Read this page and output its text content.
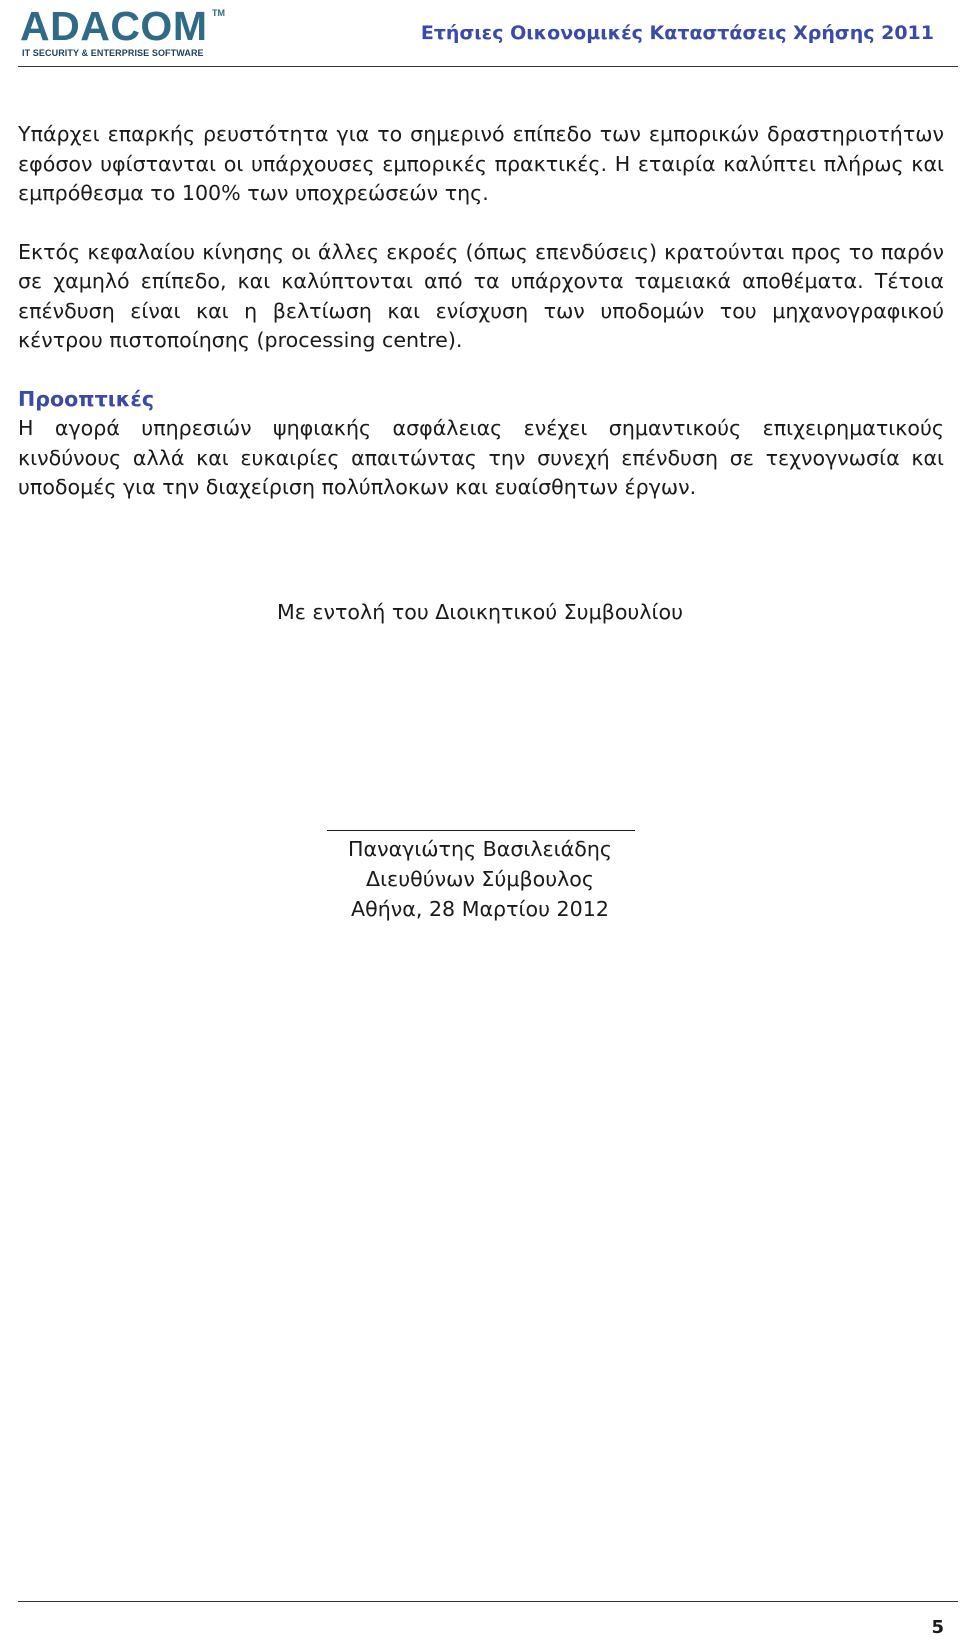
ADACOM TM
IT SECURITY & ENTERPRISE SOFTWARE
Ετήσιες Οικονομικές Καταστάσεις Χρήσης 2011

Υπάρχει επαρκής ρευστότητα για το σημερινό επίπεδο των εμπορικών δραστηριοτήτων εφόσον υφίστανται οι υπάρχουσες εμπορικές πρακτικές. Η εταιρία καλύπτει πλήρως και εμπρόθεσμα το 100% των υποχρεώσεών της.

Εκτός κεφαλαίου κίνησης οι άλλες εκροές (όπως επενδύσεις) κρατούνται προς το παρόν σε χαμηλό επίπεδο, και καλύπτονται από τα υπάρχοντα ταμειακά αποθέματα. Τέτοια επένδυση είναι και η βελτίωση και ενίσχυση των υποδομών του μηχανογραφικού κέντρου πιστοποίησης (processing centre).

Προοπτικές

Η αγορά υπηρεσιών ψηφιακής ασφάλειας ενέχει σημαντικούς επιχειρηματικούς κινδύνους αλλά και ευκαιρίες απαιτώντας την συνεχή επένδυση σε τεχνογνωσία και υποδομές για την διαχείριση πολύπλοκων και ευαίσθητων έργων.

Με εντολή του Διοικητικού Συμβουλίου
Παναγιώτης Βασιλειάδης
Διευθύνων Σύμβουλος
Αθήνα, 28 Μαρτίου 2012
5
